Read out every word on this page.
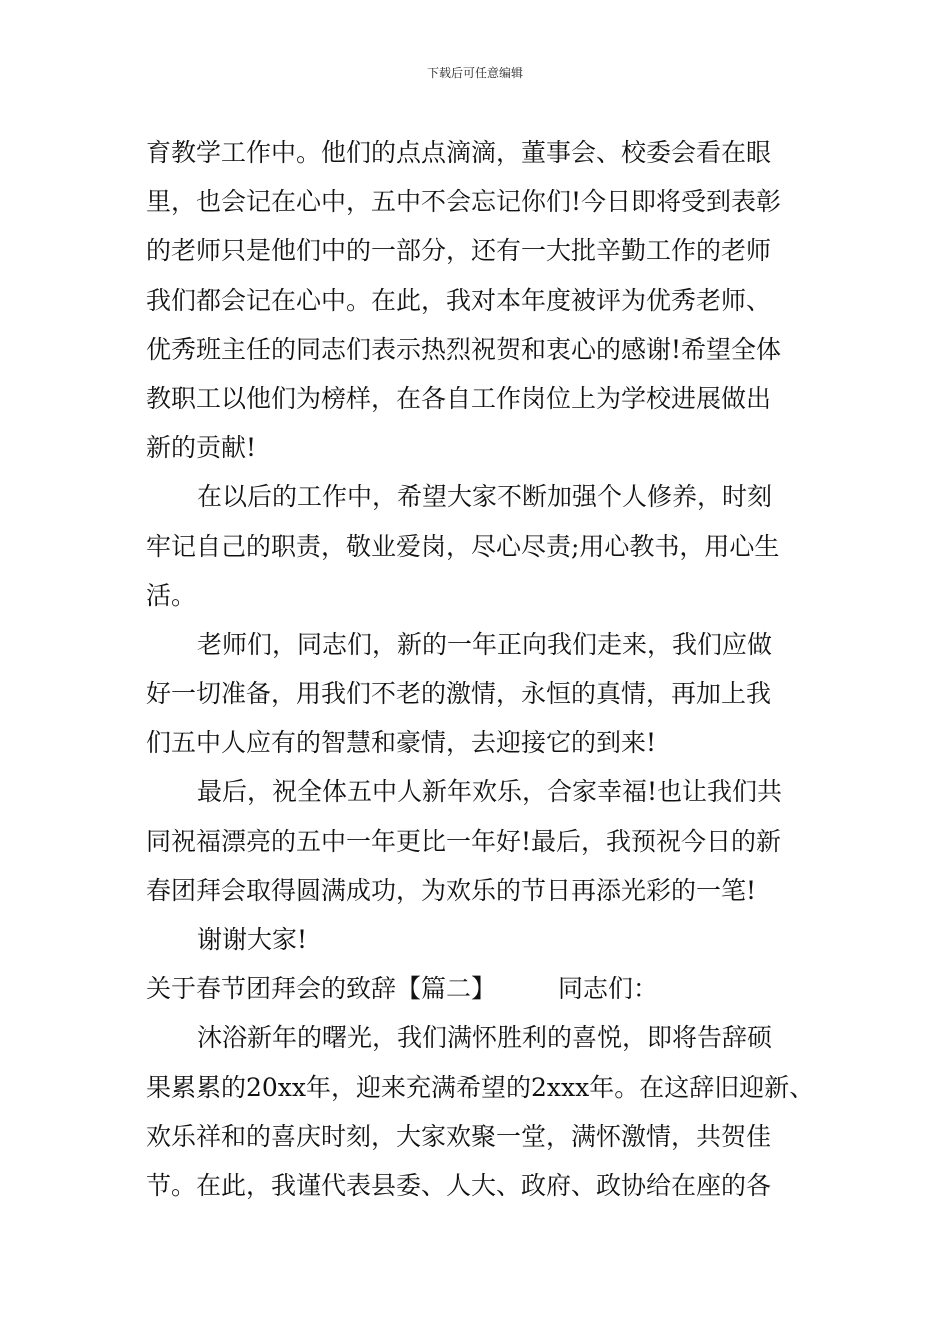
下载后可任意编辑
育教学工作中。他们的点点滴滴，董事会、校委会看在眼
里，也会记在心中，五中不会忘记你们!今日即将受到表彰
的老师只是他们中的一部分，还有一大批辛勤工作的老师
我们都会记在心中。在此，我对本年度被评为优秀老师、
优秀班主任的同志们表示热烈祝贺和衷心的感谢!希望全体
教职工以他们为榜样，在各自工作岗位上为学校进展做出
新的贡献!
在以后的工作中，希望大家不断加强个人修养，时刻
牢记自己的职责，敬业爱岗，尽心尽责;用心教书，用心生
活。
老师们，同志们，新的一年正向我们走来，我们应做
好一切准备，用我们不老的激情，永恒的真情，再加上我
们五中人应有的智慧和豪情，去迎接它的到来!
最后，祝全体五中人新年欢乐，合家幸福!也让我们共
同祝福漂亮的五中一年更比一年好!最后，我预祝今日的新
春团拜会取得圆满成功，为欢乐的节日再添光彩的一笔!
谢谢大家!
关于春节团拜会的致辞【篇二】 同志们：
沐浴新年的曙光，我们满怀胜利的喜悦，即将告辞硕
果累累的20xx年，迎来充满希望的2xxx年。在这辞旧迎新、
欢乐祥和的喜庆时刻，大家欢聚一堂，满怀激情，共贺佳
节。在此，我谨代表县委、人大、政府、政协给在座的各
